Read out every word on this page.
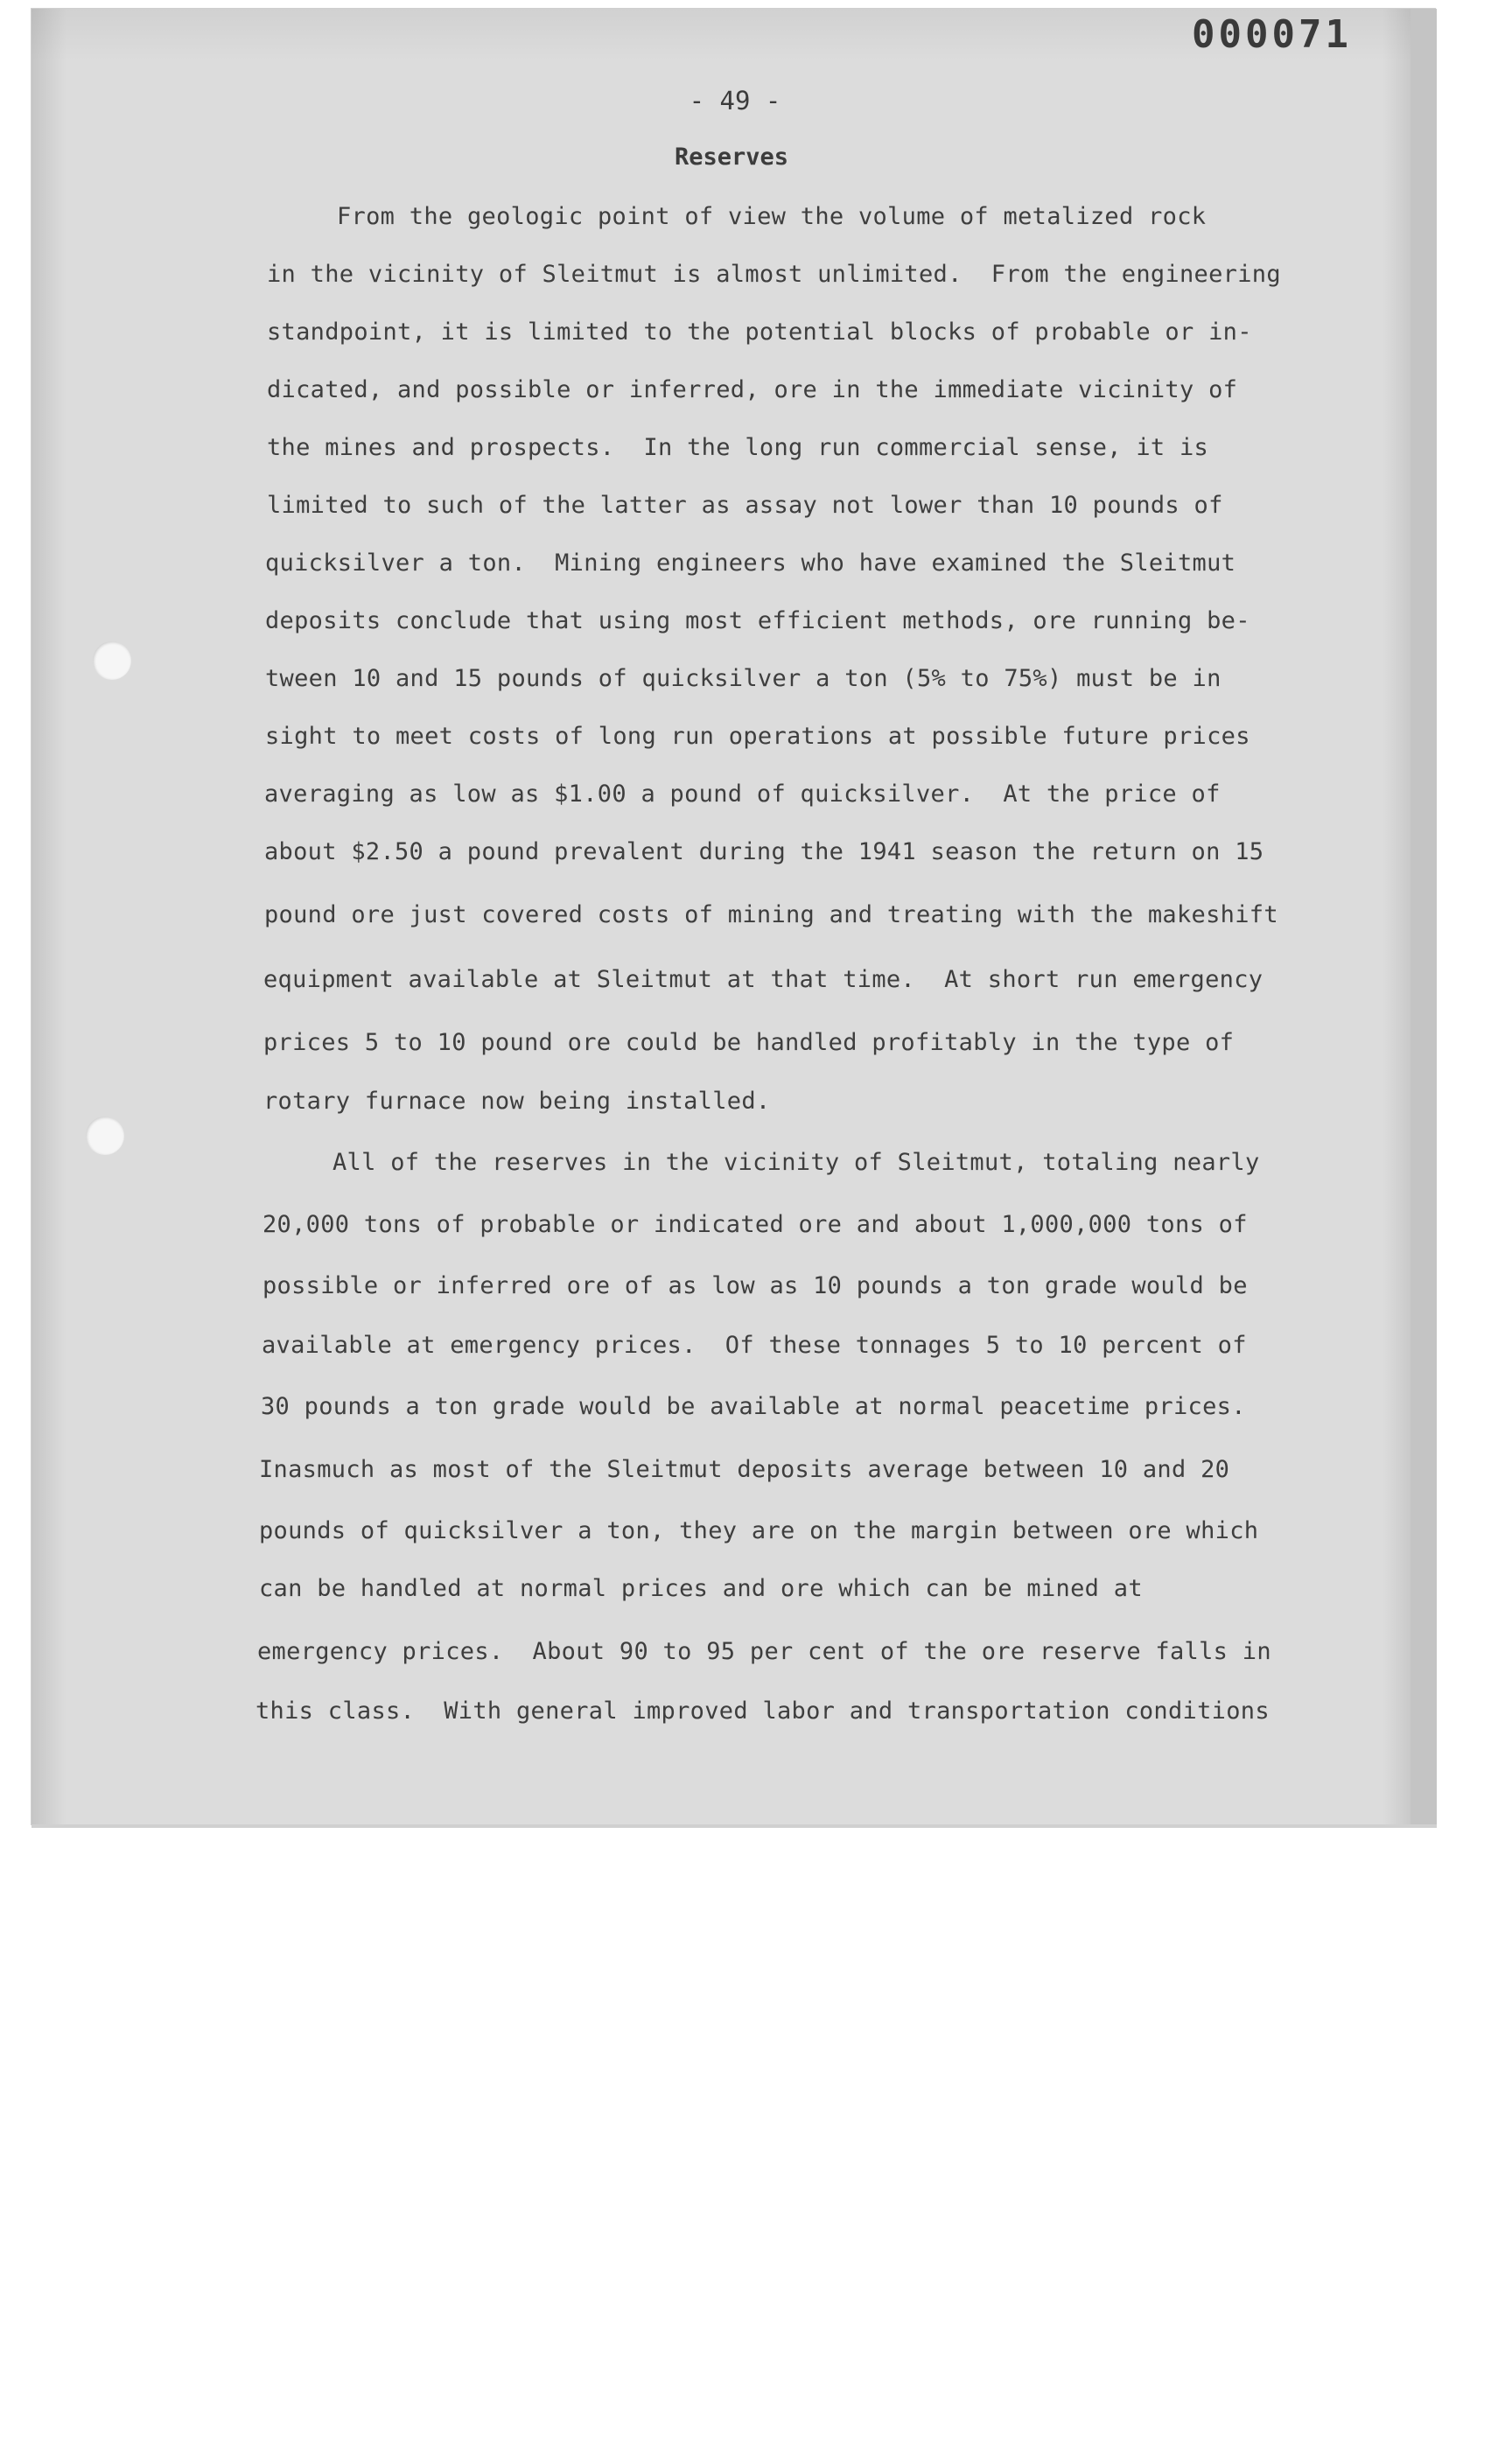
000071
- 49 -
Reserves
From the geologic point of view the volume of metalized rock
in the vicinity of Sleitmut is almost unlimited.  From the engineering
standpoint, it is limited to the potential blocks of probable or in-
dicated, and possible or inferred, ore in the immediate vicinity of
the mines and prospects.  In the long run commercial sense, it is
limited to such of the latter as assay not lower than 10 pounds of
quicksilver a ton.  Mining engineers who have examined the Sleitmut
deposits conclude that using most efficient methods, ore running be-
tween 10 and 15 pounds of quicksilver a ton (5% to 75%) must be in
sight to meet costs of long run operations at possible future prices
averaging as low as $1.00 a pound of quicksilver.  At the price of
about $2.50 a pound prevalent during the 1941 season the return on 15
pound ore just covered costs of mining and treating with the makeshift
equipment available at Sleitmut at that time.  At short run emergency
prices 5 to 10 pound ore could be handled profitably in the type of
rotary furnace now being installed.
All of the reserves in the vicinity of Sleitmut, totaling nearly
20,000 tons of probable or indicated ore and about 1,000,000 tons of
possible or inferred ore of as low as 10 pounds a ton grade would be
available at emergency prices.  Of these tonnages 5 to 10 percent of
30 pounds a ton grade would be available at normal peacetime prices.
Inasmuch as most of the Sleitmut deposits average between 10 and 20
pounds of quicksilver a ton, they are on the margin between ore which
can be handled at normal prices and ore which can be mined at
emergency prices.  About 90 to 95 per cent of the ore reserve falls in
this class.  With general improved labor and transportation conditions
